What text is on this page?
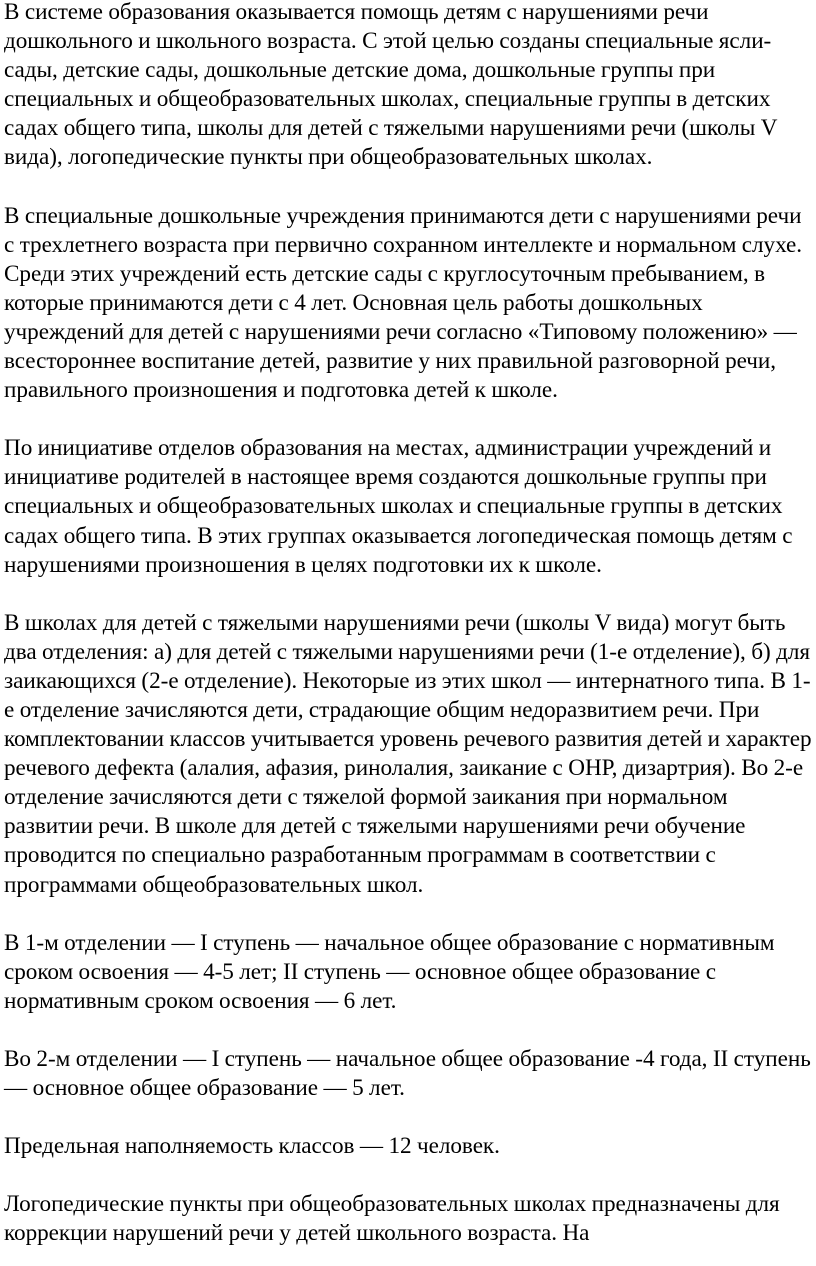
В системе образования оказывается помощь детям с нарушениями речи дошкольного и школьного возраста. С этой целью созданы специальные ясли-сады, детские сады, дошкольные детские дома, дошкольные группы при специальных и общеобразовательных школах, специальные группы в детских садах общего типа, школы для детей с тяжелыми нарушениями речи (школы V вида), логопедические пункты при общеобразовательных школах.

В специальные дошкольные учреждения принимаются дети с нарушениями речи с трехлетнего возраста при первично сохранном интеллекте и нормальном слухе. Среди этих учреждений есть детские сады с круглосуточным пребыванием, в которые принимаются дети с 4 лет. Основная цель работы дошкольных учреждений для детей с нарушениями речи согласно «Типовому положению» — всестороннее воспитание детей, развитие у них правильной разговорной речи, правильного произношения и подготовка детей к школе.

По инициативе отделов образования на местах, администрации учреждений и инициативе родителей в настоящее время создаются дошкольные группы при специальных и общеобразовательных школах и специальные группы в детских садах общего типа. В этих группах оказывается логопедическая помощь детям с нарушениями произношения в целях подготовки их к школе.

В школах для детей с тяжелыми нарушениями речи (школы V вида) могут быть два отделения: а) для детей с тяжелыми нарушениями речи (1-е отделение), б) для заикающихся (2-е отделение). Некоторые из этих школ — интернатного типа. В 1-е отделение зачисляются дети, страдающие общим недоразвитием речи. При комплектовании классов учитывается уровень речевого развития детей и характер речевого дефекта (алалия, афазия, ринолалия, заикание с ОНР, дизартрия). Во 2-е отделение зачисляются дети с тяжелой формой заикания при нормальном развитии речи. В школе для детей с тяжелыми нарушениями речи обучение проводится по специально разработанным программам в соответствии с программами общеобразовательных школ.

В 1-м отделении — I ступень — начальное общее образование с нормативным сроком освоения — 4-5 лет; II ступень — основное общее образование с нормативным сроком освоения — 6 лет.

Во 2-м отделении — I ступень — начальное общее образование -4 года, II ступень — основное общее образование — 5 лет.

Предельная наполняемость классов — 12 человек.

Логопедические пункты при общеобразовательных школах предназначены для коррекции нарушений речи у детей школьного возраста. На
